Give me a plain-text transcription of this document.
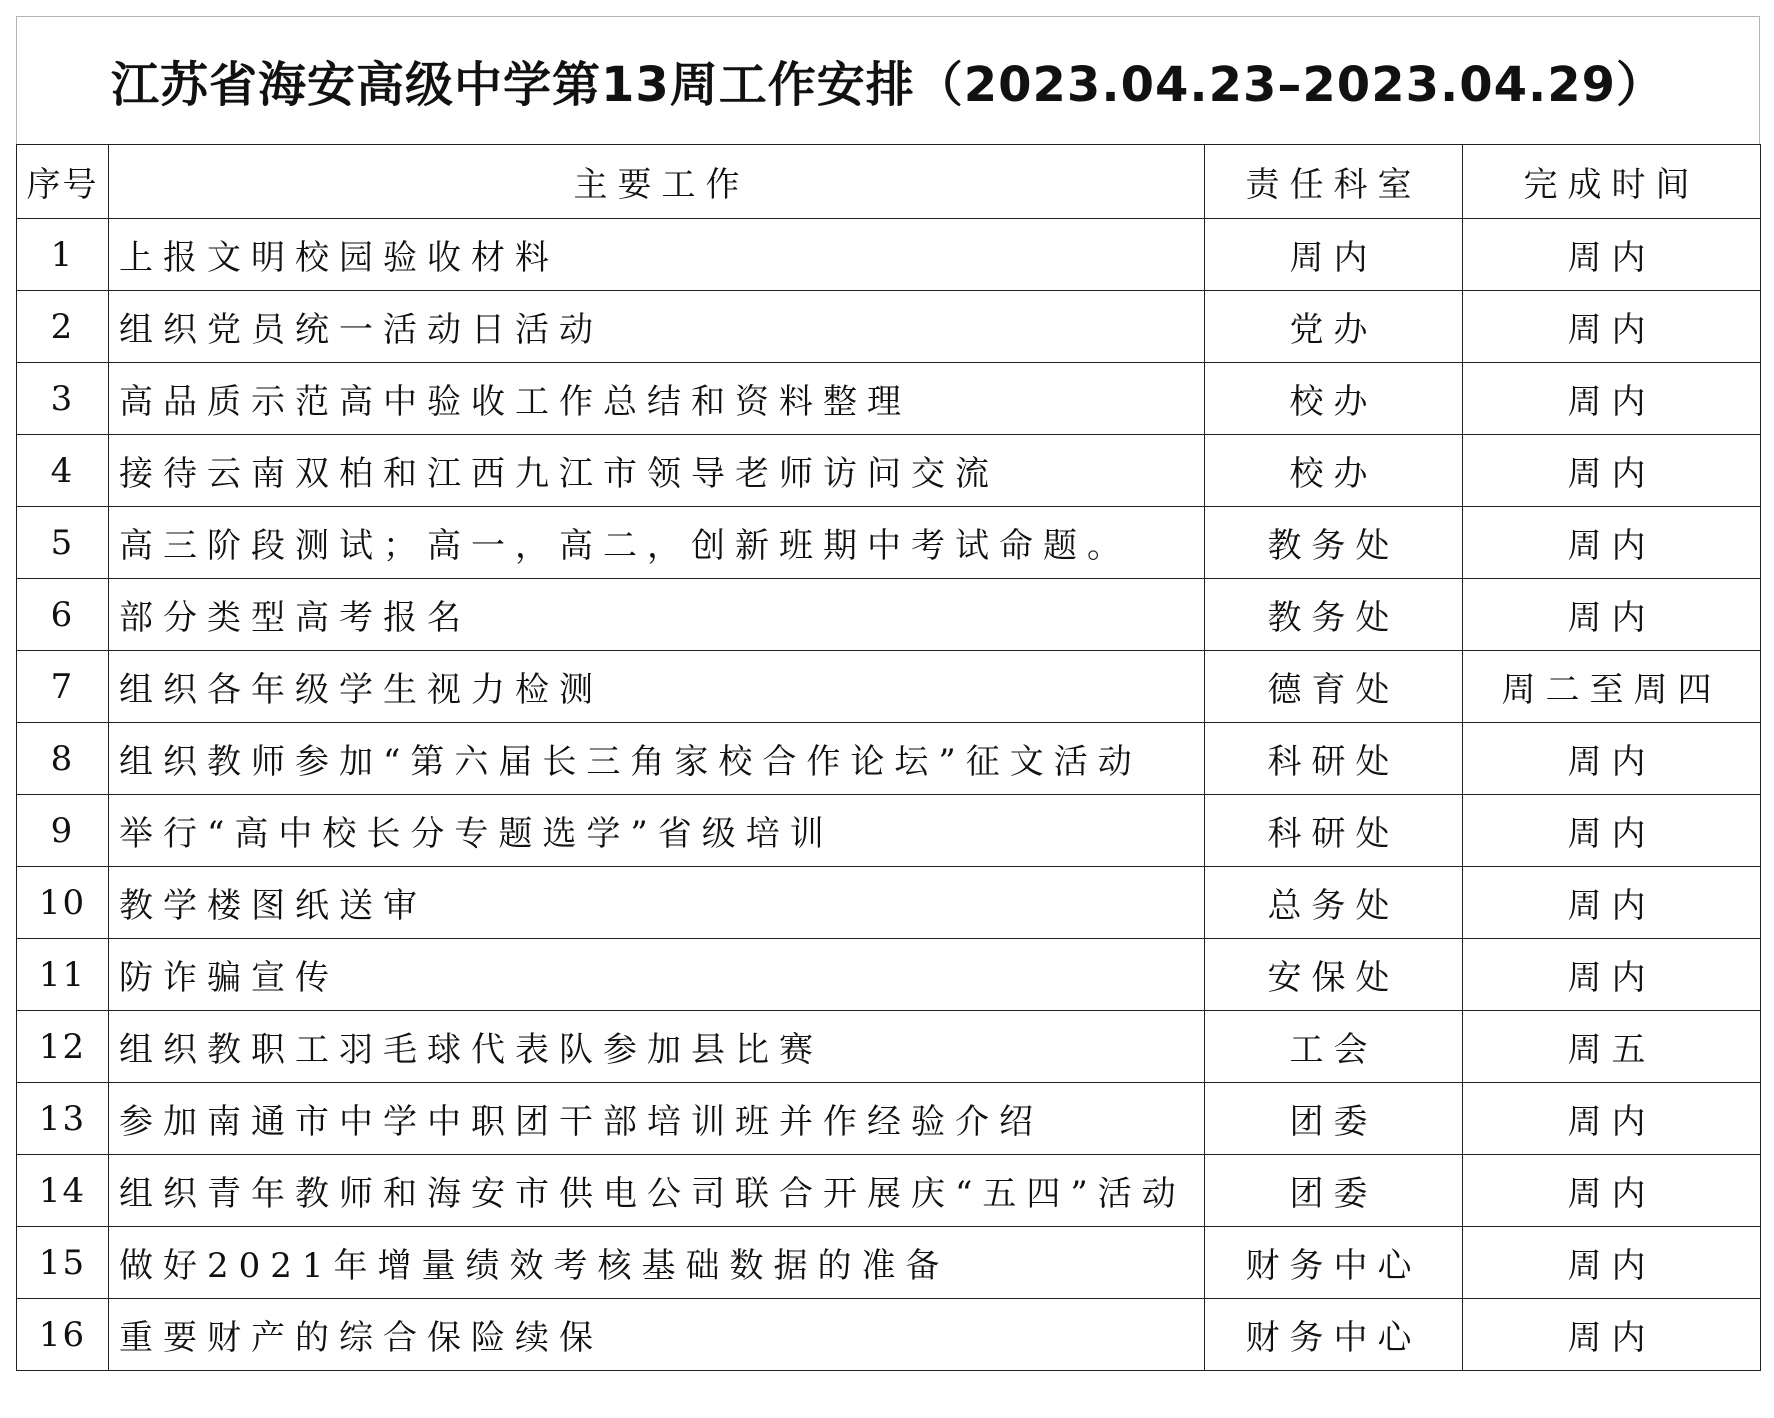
江苏省海安高级中学第13周工作安排（2023.04.23–2023.04.29）
序号	主要工作	责任科室	完成时间
1	上报文明校园验收材料	周内	周内
2	组织党员统一活动日活动	党办	周内
3	高品质示范高中验收工作总结和资料整理	校办	周内
4	接待云南双柏和江西九江市领导老师访问交流	校办	周内
5	高三阶段测试；高一，高二，创新班期中考试命题。	教务处	周内
6	部分类型高考报名	教务处	周内
7	组织各年级学生视力检测	德育处	周二至周四
8	组织教师参加“第六届长三角家校合作论坛”征文活动	科研处	周内
9	举行“高中校长分专题选学”省级培训	科研处	周内
10	教学楼图纸送审	总务处	周内
11	防诈骗宣传	安保处	周内
12	组织教职工羽毛球代表队参加县比赛	工会	周五
13	参加南通市中学中职团干部培训班并作经验介绍	团委	周内
14	组织青年教师和海安市供电公司联合开展庆“五四”活动	团委	周内
15	做好2021年增量绩效考核基础数据的准备	财务中心	周内
16	重要财产的综合保险续保	财务中心	周内
